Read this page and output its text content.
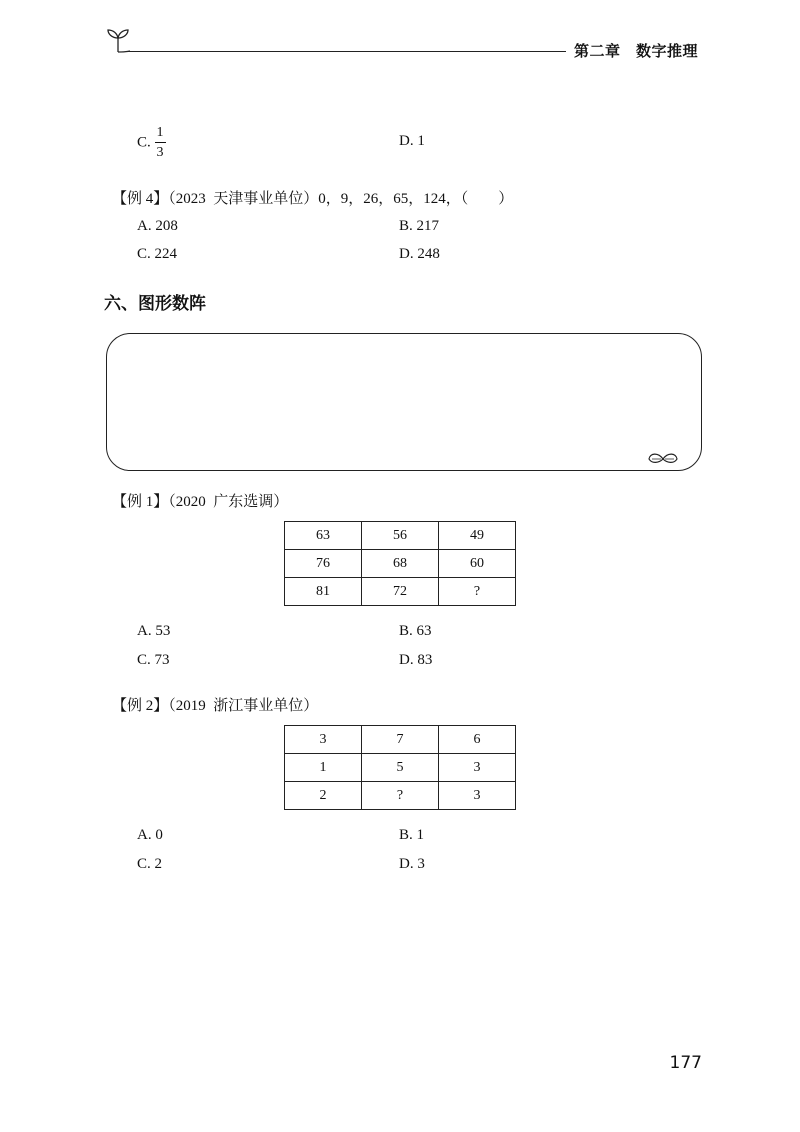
第二章　数字推理
C. $\frac{1}{3}$	D. 1
【例 4】（2023  天津事业单位）0，9，26，65，124，（　　）
A. 208	B. 217
C. 224	D. 248
六、图形数阵
【例 1】（2020  广东选调）
63	56	49
76	68	60
81	72	?
A. 53	B. 63
C. 73	D. 83
【例 2】（2019  浙江事业单位）
3	7	6
1	5	3
2	?	3
A. 0	B. 1
C. 2	D. 3
177
